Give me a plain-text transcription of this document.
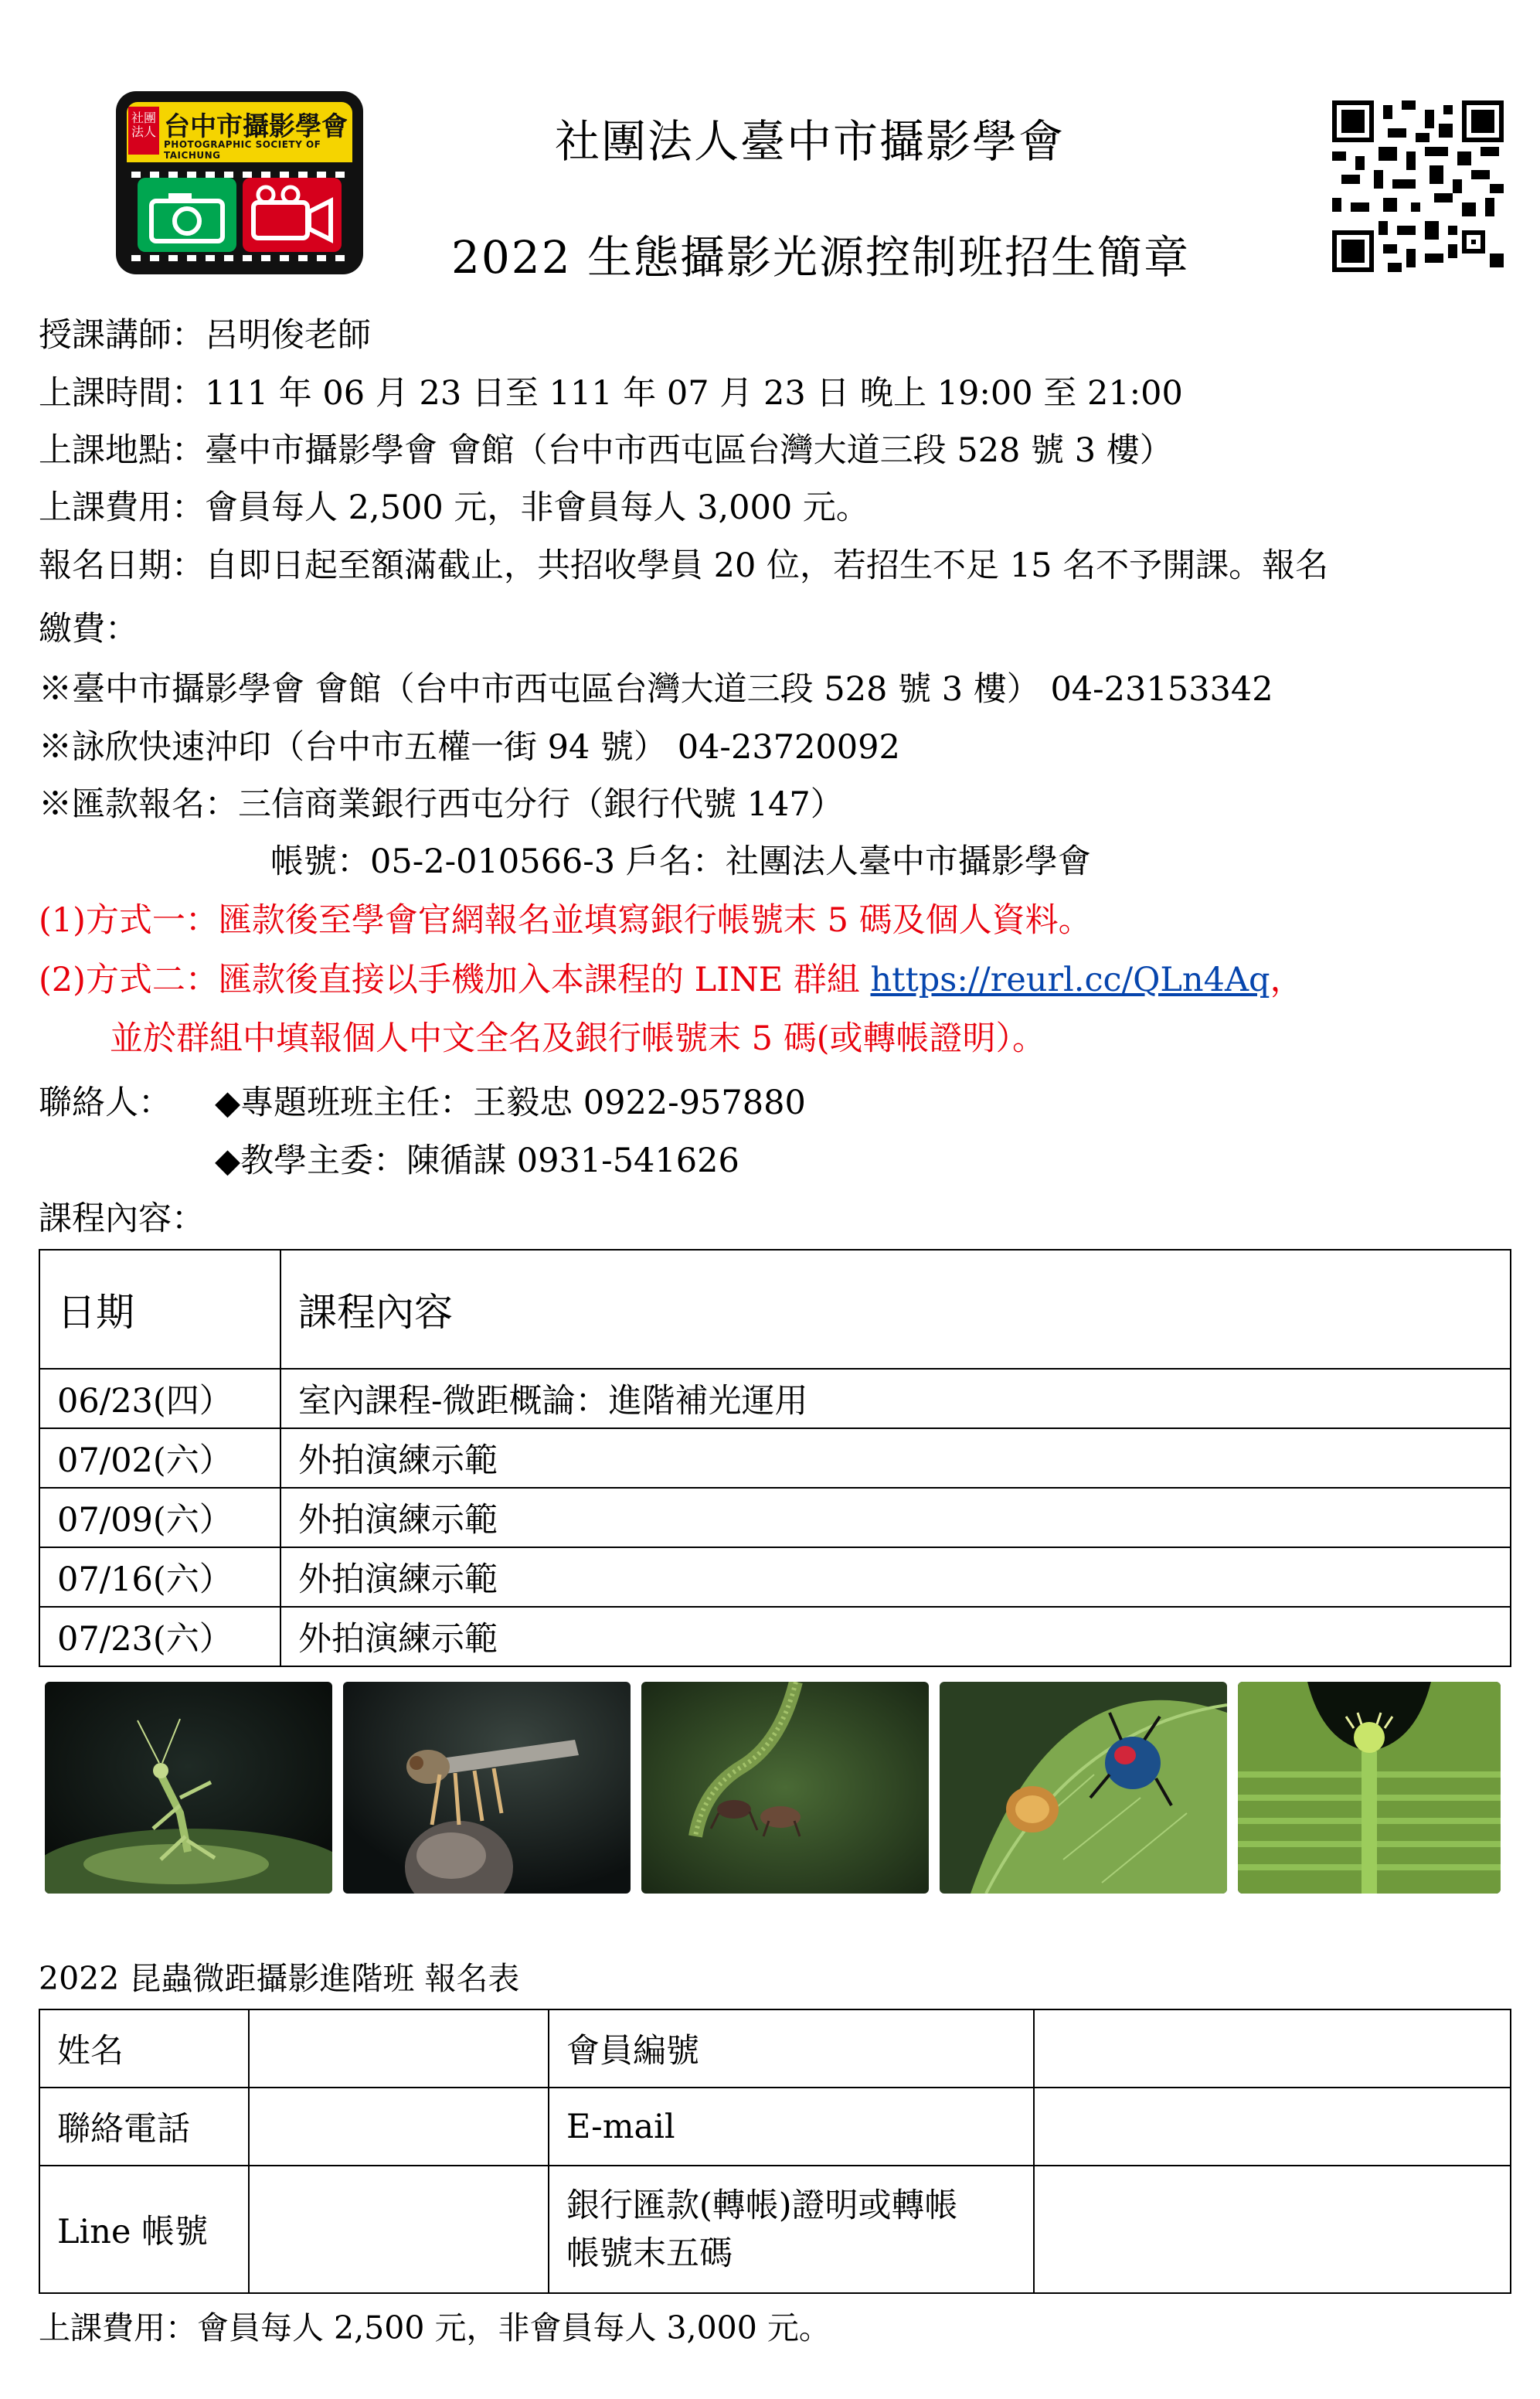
社團法人 台中市攝影學會
PHOTOGRAPHIC SOCIETY OF TAICHUNG	社團法人臺中市攝影學會
2022 生態攝影光源控制班招生簡章
授課講師：呂明俊老師
上課時間：111 年 06 月 23 日至 111 年 07 月 23 日 晚上 19:00 至 21:00
上課地點：臺中市攝影學會 會館（台中市西屯區台灣大道三段 528 號 3 樓）
上課費用：會員每人 2,500 元，非會員每人 3,000 元。
報名日期：自即日起至額滿截止，共招收學員 20 位，若招生不足 15 名不予開課。報名
繳費：
※臺中市攝影學會 會館（台中市西屯區台灣大道三段 528 號 3 樓） 04-23153342
※詠欣快速沖印（台中市五權一街 94 號） 04-23720092
※匯款報名：三信商業銀行西屯分行（銀行代號 147）
帳號：05-2-010566-3 戶名：社團法人臺中市攝影學會
(1)方式一：匯款後至學會官網報名並填寫銀行帳號末 5 碼及個人資料。
(2)方式二：匯款後直接以手機加入本課程的 LINE 群組 https://reurl.cc/QLn4Aq，
並於群組中填報個人中文全名及銀行帳號末 5 碼(或轉帳證明）。
聯絡人： ◆專題班班主任：王毅忠 0922-957880
◆教學主委：陳循謀 0931-541626
課程內容：
日期	課程內容
06/23(四）	室內課程-微距概論：進階補光運用
07/02(六）	外拍演練示範
07/09(六）	外拍演練示範
07/16(六）	外拍演練示範
07/23(六）	外拍演練示範
2022 昆蟲微距攝影進階班 報名表
姓名		會員編號	
聯絡電話		E-mail	
Line 帳號		銀行匯款(轉帳)證明或轉帳
帳號末五碼	

上課費用：會員每人 2,500 元，非會員每人 3,000 元。
